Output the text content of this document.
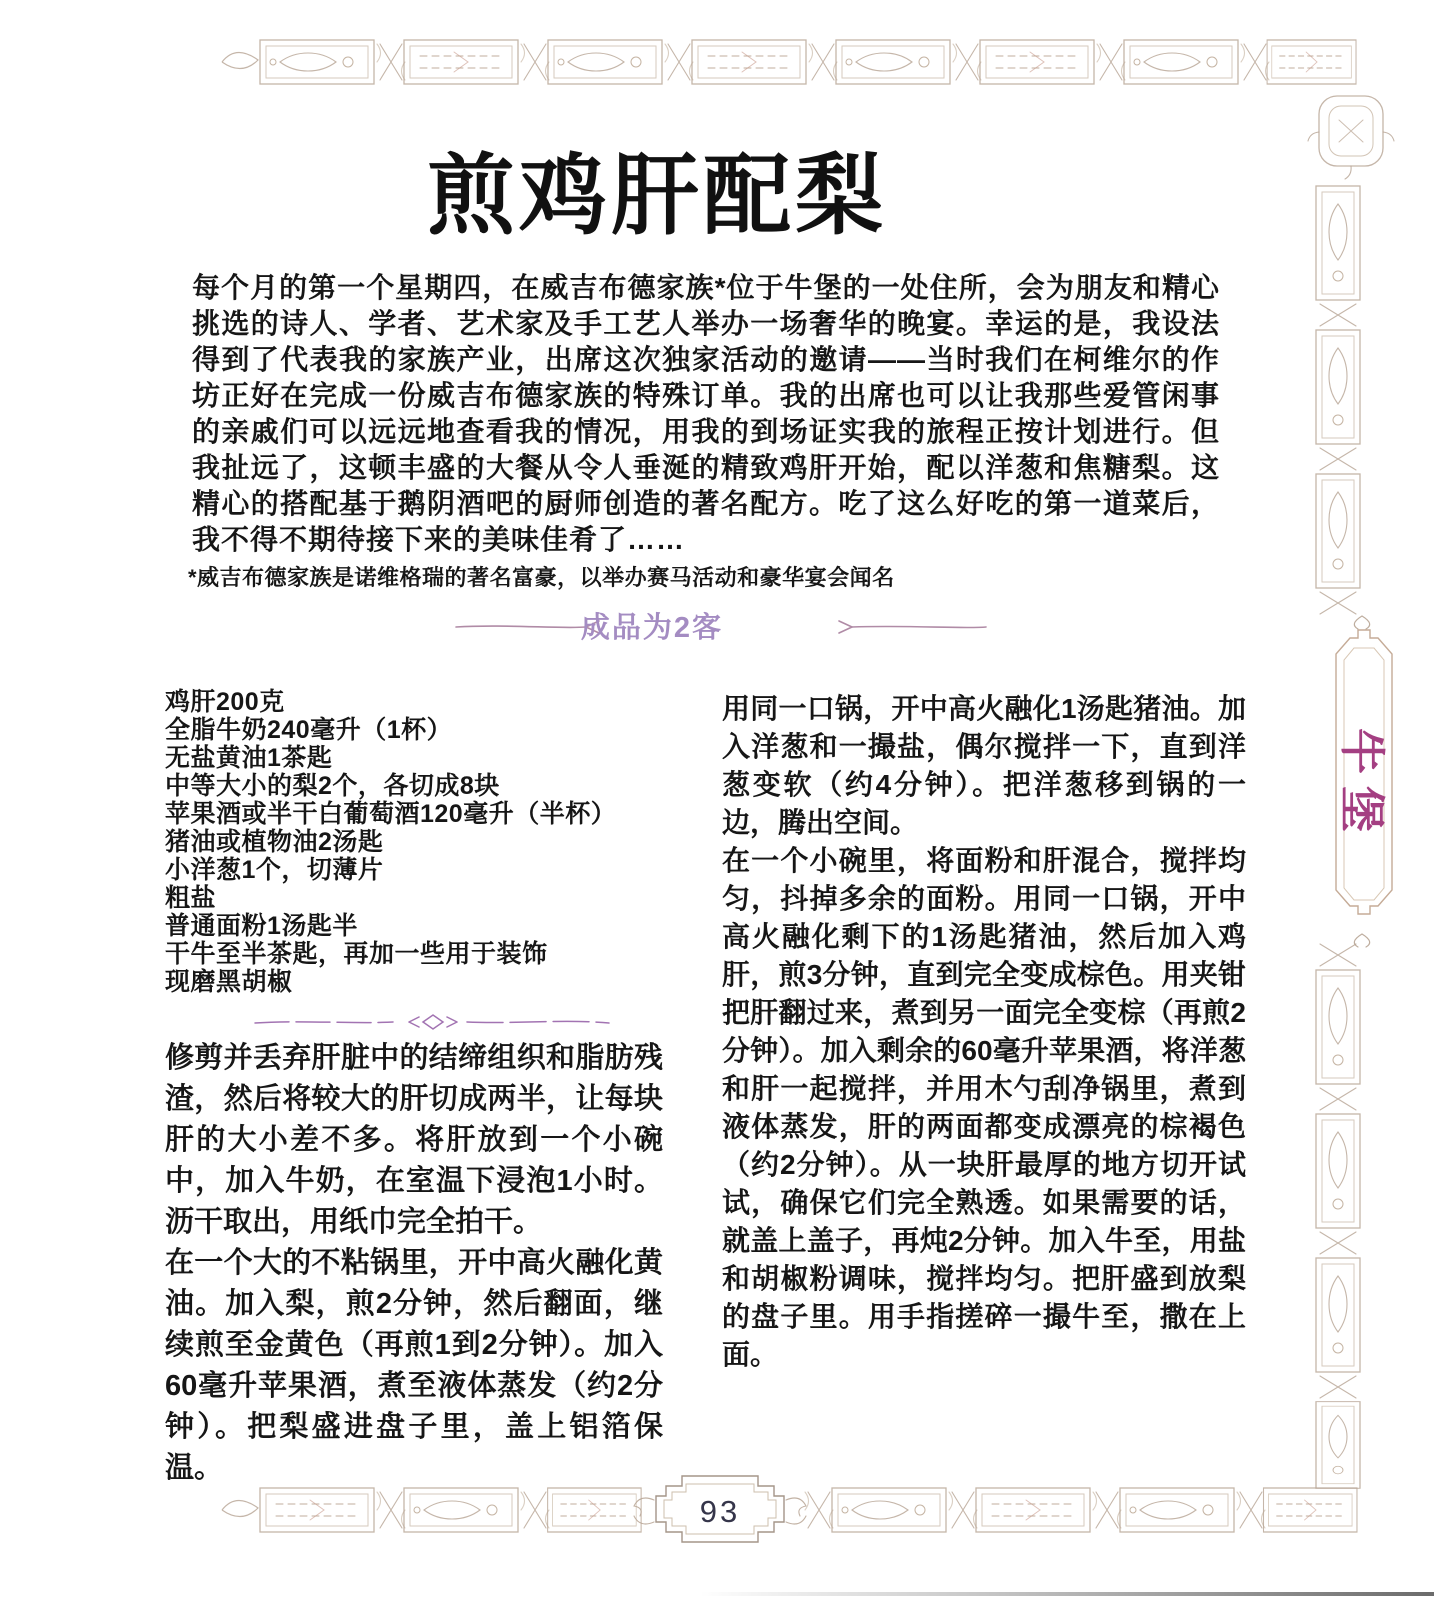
牛
堡
煎鸡肝配梨
每个月的第一个星期四，在威吉布德家族*位于牛堡的一处住所，会为朋友和精心挑选的诗人、学者、艺术家及手工艺人举办一场奢华的晚宴。幸运的是，我设法得到了代表我的家族产业，出席这次独家活动的邀请——当时我们在柯维尔的作坊正好在完成一份威吉布德家族的特殊订单。我的出席也可以让我那些爱管闲事的亲戚们可以远远地查看我的情况，用我的到场证实我的旅程正按计划进行。但我扯远了，这顿丰盛的大餐从令人垂涎的精致鸡肝开始，配以洋葱和焦糖梨。这精心的搭配基于鹅阴酒吧的厨师创造的著名配方。吃了这么好吃的第一道菜后，我不得不期待接下来的美味佳肴了……
*威吉布德家族是诺维格瑞的著名富豪，以举办赛马活动和豪华宴会闻名
成品为2客
鸡肝200克
全脂牛奶240毫升（1杯）
无盐黄油1茶匙
中等大小的梨2个，各切成8块
苹果酒或半干白葡萄酒120毫升（半杯）
猪油或植物油2汤匙
小洋葱1个，切薄片
粗盐
普通面粉1汤匙半
干牛至半茶匙，再加一些用于装饰
现磨黑胡椒

修剪并丢弃肝脏中的结缔组织和脂肪残渣，然后将较大的肝切成两半，让每块肝的大小差不多。将肝放到一个小碗中，加入牛奶，在室温下浸泡1小时。沥干取出，用纸巾完全拍干。

在一个大的不粘锅里，开中高火融化黄油。加入梨，煎2分钟，然后翻面，继续煎至金黄色（再煎1到2分钟）。加入60毫升苹果酒，煮至液体蒸发（约2分钟）。把梨盛进盘子里，盖上铝箔保温。

用同一口锅，开中高火融化1汤匙猪油。加入洋葱和一撮盐，偶尔搅拌一下，直到洋葱变软（约4分钟）。把洋葱移到锅的一边，腾出空间。

在一个小碗里，将面粉和肝混合，搅拌均匀，抖掉多余的面粉。用同一口锅，开中高火融化剩下的1汤匙猪油，然后加入鸡肝，煎3分钟，直到完全变成棕色。用夹钳把肝翻过来，煮到另一面完全变棕（再煎2分钟）。加入剩余的60毫升苹果酒，将洋葱和肝一起搅拌，并用木勺刮净锅里，煮到液体蒸发，肝的两面都变成漂亮的棕褐色（约2分钟）。从一块肝最厚的地方切开试试，确保它们完全熟透。如果需要的话，就盖上盖子，再炖2分钟。加入牛至，用盐和胡椒粉调味，搅拌均匀。把肝盛到放梨的盘子里。用手指搓碎一撮牛至，撒在上面。

93
